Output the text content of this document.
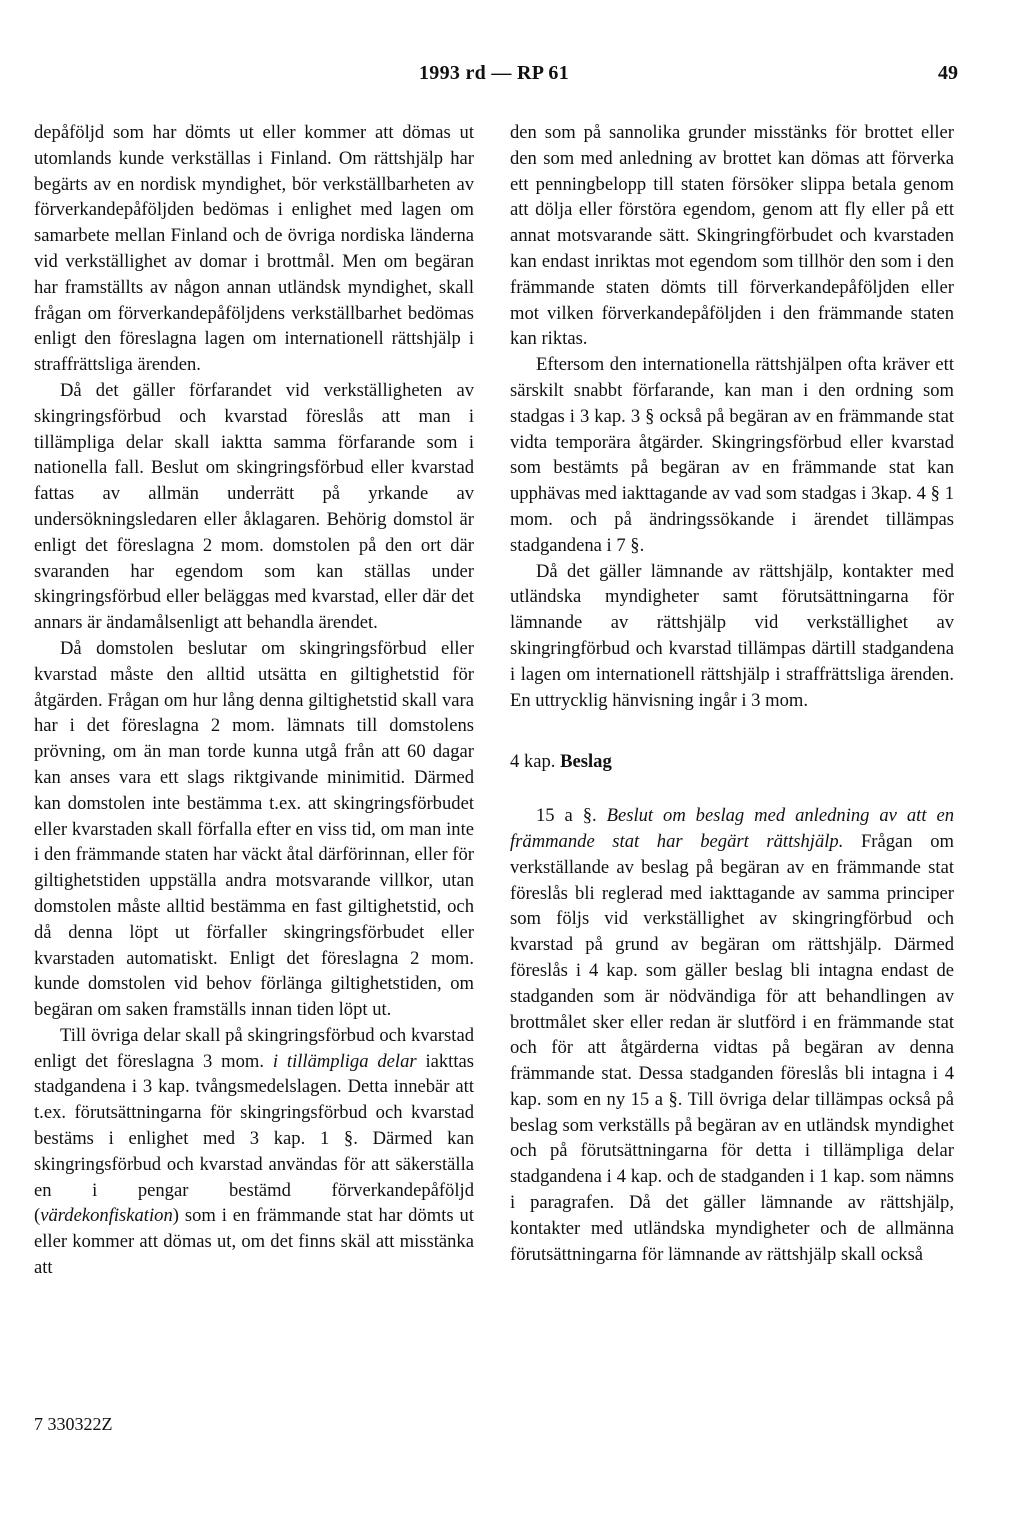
1993 rd — RP 61	49

depåföljd som har dömts ut eller kommer att dömas ut utomlands kunde verkställas i Finland. Om rättshjälp har begärts av en nordisk myndighet, bör verkställbarheten av förverkandepåföljden bedömas i enlighet med lagen om samarbete mellan Finland och de övriga nordiska länderna vid verkställighet av domar i brottmål. Men om begäran har framställts av någon annan utländsk myndighet, skall frågan om förverkandepåföljdens verkställbarhet bedömas enligt den föreslagna lagen om internationell rättshjälp i straffrättsliga ärenden.

Då det gäller förfarandet vid verkställigheten av skingringsförbud och kvarstad föreslås att man i tillämpliga delar skall iaktta samma förfarande som i nationella fall. Beslut om skingringsförbud eller kvarstad fattas av allmän underrätt på yrkande av undersökningsledaren eller åklagaren. Behörig domstol är enligt det föreslagna 2 mom. domstolen på den ort där svaranden har egendom som kan ställas under skingringsförbud eller beläggas med kvarstad, eller där det annars är ändamålsenligt att behandla ärendet.

Då domstolen beslutar om skingringsförbud eller kvarstad måste den alltid utsätta en giltighetstid för åtgärden. Frågan om hur lång denna giltighetstid skall vara har i det föreslagna 2 mom. lämnats till domstolens prövning, om än man torde kunna utgå från att 60 dagar kan anses vara ett slags riktgivande minimitid. Därmed kan domstolen inte bestämma t.ex. att skingringsförbudet eller kvarstaden skall förfalla efter en viss tid, om man inte i den främmande staten har väckt åtal därförinnan, eller för giltighetstiden uppställa andra motsvarande villkor, utan domstolen måste alltid bestämma en fast giltighetstid, och då denna löpt ut förfaller skingringsförbudet eller kvarstaden automatiskt. Enligt det föreslagna 2 mom. kunde domstolen vid behov förlänga giltighetstiden, om begäran om saken framställs innan tiden löpt ut.

Till övriga delar skall på skingringsförbud och kvarstad enligt det föreslagna 3 mom. i tillämpliga delar iakttas stadgandena i 3 kap. tvångsmedelslagen. Detta innebär att t.ex. förutsättningarna för skingringsförbud och kvarstad bestäms i enlighet med 3 kap. 1 §. Därmed kan skingringsförbud och kvarstad användas för att säkerställa en i pengar bestämd förverkandepåföljd (värdekonfiskation) som i en främmande stat har dömts ut eller kommer att dömas ut, om det finns skäl att misstänka att

den som på sannolika grunder misstänks för brottet eller den som med anledning av brottet kan dömas att förverka ett penningbelopp till staten försöker slippa betala genom att dölja eller förstöra egendom, genom att fly eller på ett annat motsvarande sätt. Skingringförbudet och kvarstaden kan endast inriktas mot egendom som tillhör den som i den främmande staten dömts till förverkandepåföljden eller mot vilken förverkandepåföljden i den främmande staten kan riktas.

Eftersom den internationella rättshjälpen ofta kräver ett särskilt snabbt förfarande, kan man i den ordning som stadgas i 3 kap. 3 § också på begäran av en främmande stat vidta temporära åtgärder. Skingringsförbud eller kvarstad som bestämts på begäran av en främmande stat kan upphävas med iakttagande av vad som stadgas i 3kap. 4 § 1 mom. och på ändringssökande i ärendet tillämpas stadgandena i 7 §.

Då det gäller lämnande av rättshjälp, kontakter med utländska myndigheter samt förutsättningarna för lämnande av rättshjälp vid verkställighet av skingringförbud och kvarstad tillämpas därtill stadgandena i lagen om internationell rättshjälp i straffrättsliga ärenden. En uttrycklig hänvisning ingår i 3 mom.

4 kap. Beslag

15 a §. Beslut om beslag med anledning av att en främmande stat har begärt rättshjälp. Frågan om verkställande av beslag på begäran av en främmande stat föreslås bli reglerad med iakttagande av samma principer som följs vid verkställighet av skingringförbud och kvarstad på grund av begäran om rättshjälp. Därmed föreslås i 4 kap. som gäller beslag bli intagna endast de stadganden som är nödvändiga för att behandlingen av brottmålet sker eller redan är slutförd i en främmande stat och för att åtgärderna vidtas på begäran av denna främmande stat. Dessa stadganden föreslås bli intagna i 4 kap. som en ny 15 a §. Till övriga delar tillämpas också på beslag som verkställs på begäran av en utländsk myndighet och på förutsättningarna för detta i tillämpliga delar stadgandena i 4 kap. och de stadganden i 1 kap. som nämns i paragrafen. Då det gäller lämnande av rättshjälp, kontakter med utländska myndigheter och de allmänna förutsättningarna för lämnande av rättshjälp skall också

7 330322Z
